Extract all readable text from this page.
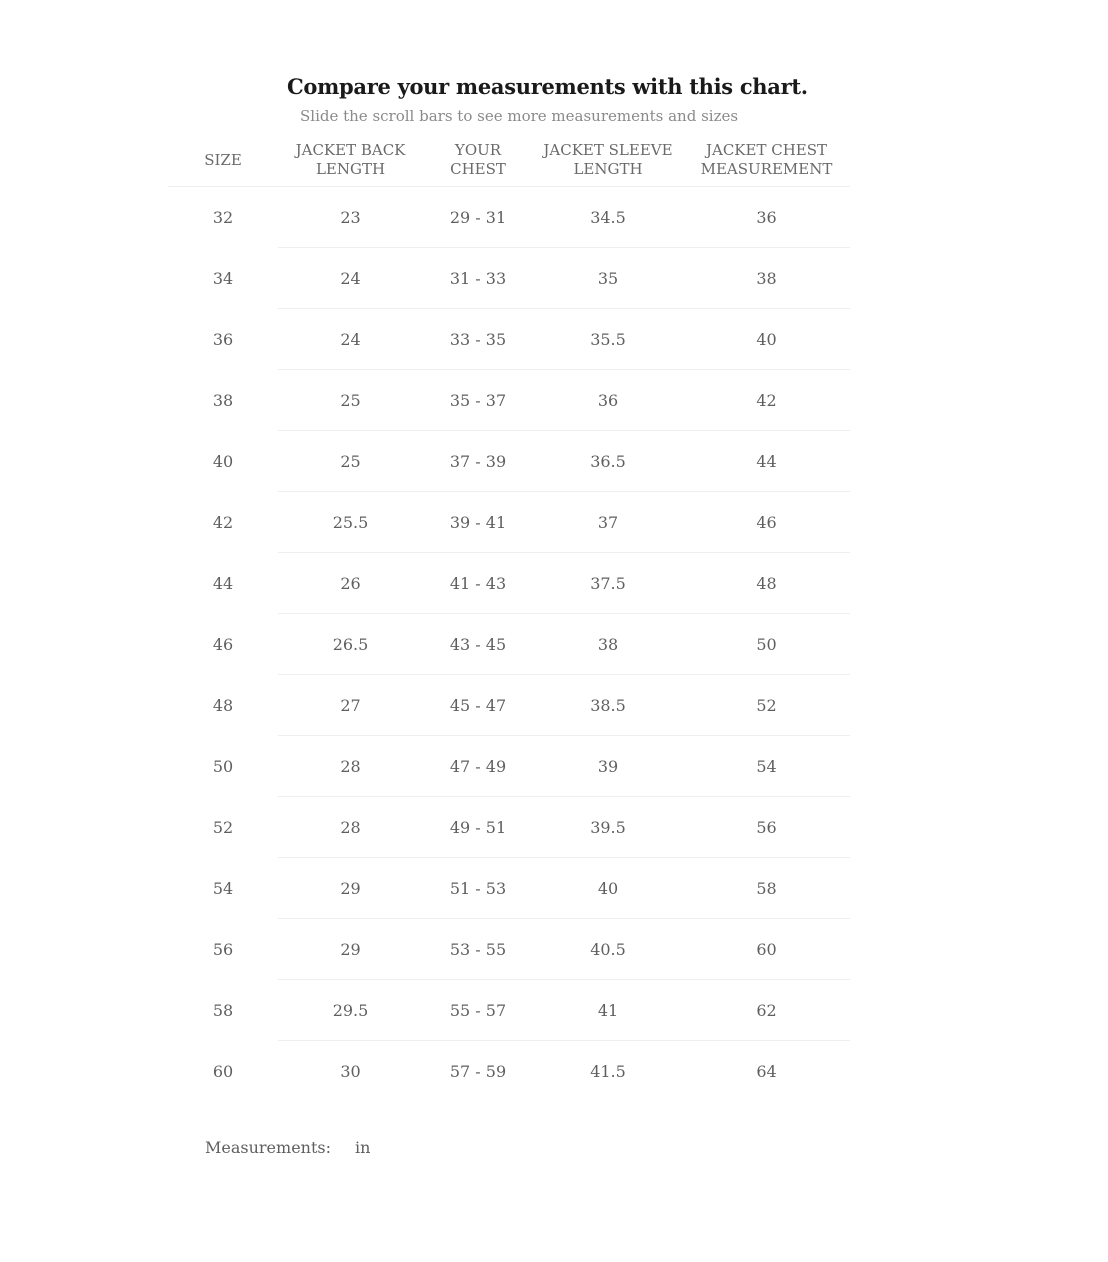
Compare your measurements with this chart.
Slide the scroll bars to see more measurements and sizes
SIZE	JACKET BACK LENGTH	YOUR CHEST	JACKET SLEEVE LENGTH	JACKET CHEST MEASUREMENT
32	23	29 - 31	34.5	36
34	24	31 - 33	35	38
36	24	33 - 35	35.5	40
38	25	35 - 37	36	42
40	25	37 - 39	36.5	44
42	25.5	39 - 41	37	46
44	26	41 - 43	37.5	48
46	26.5	43 - 45	38	50
48	27	45 - 47	38.5	52
50	28	47 - 49	39	54
52	28	49 - 51	39.5	56
54	29	51 - 53	40	58
56	29	53 - 55	40.5	60
58	29.5	55 - 57	41	62
60	30	57 - 59	41.5	64
Measurements: in
